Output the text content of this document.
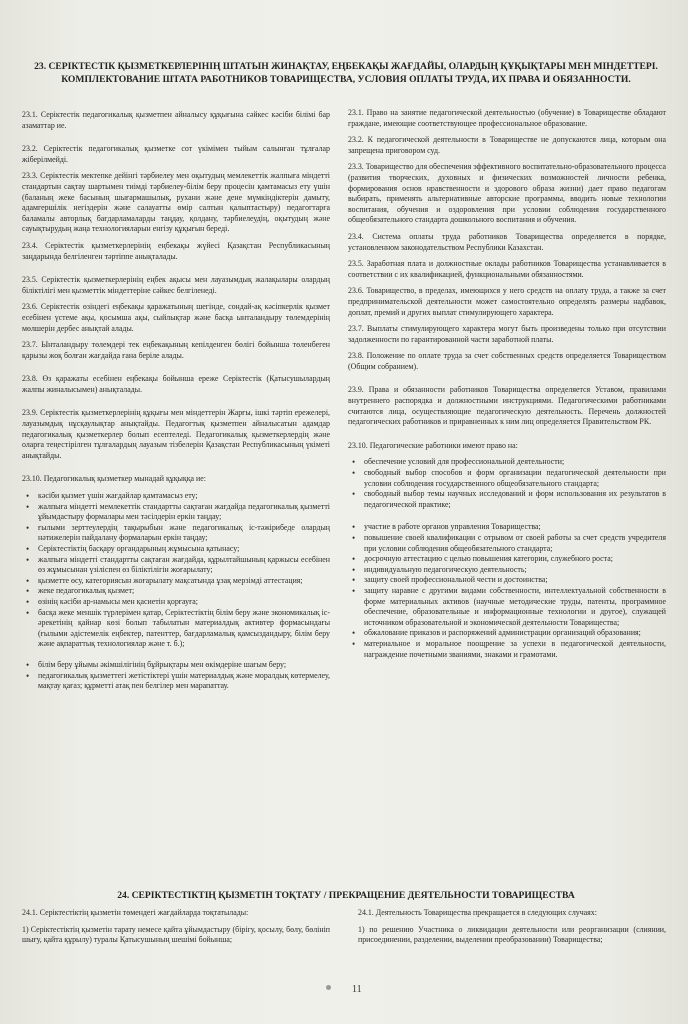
23. СЕРІКТЕСТІК ҚЫЗМЕТКЕРЛЕРІНІҢ ШТАТЫН ЖИНАҚТАУ, ЕҢБЕКАҚЫ ЖАҒДАЙЫ, ОЛАРДЫҢ ҚҰҚЫҚТАРЫ МЕН МІНДЕТТЕРІ. КОМПЛЕКТОВАНИЕ ШТАТА РАБОТНИКОВ ТОВАРИЩЕСТВА, УСЛОВИЯ ОПЛАТЫ ТРУДА, ИХ ПРАВА И ОБЯЗАННОСТИ.

23.1. Серіктестік педагогикалық қызметпен айналысу құқығына сәйкес кәсіби білімі бар азаматтар ие.

23.2. Серіктестік педагогикалық қызметке сот үкімімен тыйым салынған тұлғалар жіберілмейді.

23.3. Серіктестік мектепке дейінгі тәрбиелеу мен оқытудың мемлекеттік жалпыға міндетті стандартын сақтау шартымен тиімді тәрбиелеу-білім беру процесін қамтамасыз ету үшін (баланың жеке басының шығармашылық, рухани және дене мүмкіндіктерін дамыту, адамгершілік негіздерін және салауатты өмір салтын қалыптастыру) педагогтарға баламалы авторлық бағдарламаларды таңдау, қолдану, тәрбиелеудің, оқытудың және сауықтырудың жаңа технологияларын енгізу құқығын береді.

23.4. Серіктестік қызметкерлерінің еңбекақы жүйесі Қазақстан Республикасының заңдарында белгіленген тәртіппе анықталады.

23.5. Серіктестік қызметкерлерінің еңбек ақысы мен лауазымдық жалақылары олардың біліктілігі мен қызметтік міндеттеріне сәйкес белгіленеді.

23.6. Серіктестік өзіндегі еңбекақы қаражатының шегінде, сондай-ақ кәсіпкерлік қызмет есебінен үстеме ақы, қосымша ақы, сыйлықтар және басқа ынталандыру төлемдерінің мөлшерін дербес анықтай алады.

23.7. Ынталандыру төлемдері тек еңбекақының кепілденген бөлігі бойынша төленбеген қарызы жоқ болған жағдайда ғана беріле алады.

23.8. Өз қаражаты есебінен еңбекақы бойынша ереже Серіктестік (Қатысушылардың жалпы жиналысымен) анықталады.

23.9. Серіктестік қызметкерлерінің құқығы мен міндеттерін Жарғы, ішкі тәртіп ережелері, лауазымдық нұсқаулықтар анықтайды. Педагогтық қызметпен айналысатын адамдар педагогикалық қызметкерлер болып есептеледі. Педагогикалық қызметкерлердің және оларға теңестірілген тұлғалардың лауазым тізбелерін Қазақстан Республикасының үкіметі анықтайды.

23.10. Педагогикалық қызметкер мынадай құқыққа ие:

• кәсіби қызмет үшін жағдайлар қамтамасыз ету;
• жалпыға міндетті мемлекеттік стандартты сақтаған жағдайда педагогикалық қызметті ұйымдастыру формалары мен тәсілдерін еркін таңдау;
• ғылыми зерттеулердің тақырыбын және педагогикалық іс-тәжірибеде олардың нәтижелерін пайдалану формаларын еркін таңдау;
• Серіктестіктің басқару органдарының жұмысына қатынасу;
• жалпыға міндетті стандартты сақтаған жағдайда, құрылтайшының қаржысы есебінен өз жұмысынан үзіліспен өз біліктілігін жоғарылату;
• қызметте өсу, категориясын жоғарылату мақсатында ұзақ мерзімді аттестация;
• жеке педагогикалық қызмет;
• өзінің кәсіби ар-намысы мен қасиетін қорғауға;
• басқа жеке меншік түрлерімен қатар, Серіктестіктің білім беру және экономикалық іс-әрекетінің қайнар көзі болып табылатын материалдық активтер формасындағы (ғылыми әдістемелік еңбектер, патенттер, бағдарламалық қамсыздандыру, білім беру және ақпараттық технологиялар және т. б.);
• білім беру ұйымы әкімшілігінің бұйрықтары мен өкімдеріне шағым беру;
• педагогикалық қызметтегі жетістіктері үшін материалдық және моралдық көтермелеу, мақтау қағаз; құрметті атақ пен белгілер мен марапаттау.

23.1. Право на занятие педагогической деятельностью (обучение) в Товариществе обладают граждане, имеющие соответствующее профессиональное образование.

23.2. К педагогической деятельности в Товариществе не допускаются лица, которым она запрещена приговором суд.

23.3. Товарищество для обеспечения эффективного воспитательно-образовательного процесса (развития творческих, духовных и физических возможностей личности ребенка, формирования основ нравственности и здорового образа жизни) дает право педагогам выбирать, применять альтернативные авторские программы, вводить новые технологии воспитания, обучения и оздоровления при условии соблюдения государственного общеобязательного стандарта дошкольного воспитания и обучения.

23.4. Система оплаты труда работников Товарищества определяется в порядке, установленном законодательством Республики Казахстан.

23.5. Заработная плата и должностные оклады работников Товарищества устанавливается в соответствии с их квалификацией, функциональными обязанностями.

23.6. Товарищество, в пределах, имеющихся у него средств на оплату труда, а также за счет предпринимательской деятельности может самостоятельно определять размеры надбавок, доплат, премий и других выплат стимулирующего характера.

23.7. Выплаты стимулирующего характера могут быть произведены только при отсутствии задолженности по гарантированной части заработной платы.

23.8. Положение по оплате труда за счет собственных средств определяется Товариществом (Общим собранием).

23.9. Права и обязанности работников Товарищества определяется Уставом, правилами внутреннего распорядка и должностными инструкциями. Педагогическими работниками считаются лица, осуществляющие педагогическую деятельность. Перечень должностей педагогических работников и приравненных к ним лиц определяется Правительством РК.

23.10. Педагогические работники имеют право на:

• обеспечение условий для профессиональной деятельности;
• свободный выбор способов и форм организации педагогической деятельности при условии соблюдения государственного общеобязательного стандарта;
• свободный выбор темы научных исследований и форм использования их результатов в педагогической практике;
• участие в работе органов управления Товарищества;
• повышение своей квалификации с отрывом от своей работы за счет средств учредителя при условии соблюдения общеобязательного стандарта;
• досрочную аттестацию с целью повышения категории, служебного роста;
• индивидуальную педагогическую деятельность;
• защиту своей профессиональной чести и достоинства;
• защиту наравне с другими видами собственности, интеллектуальной собственности в форме материальных активов (научные методические труды, патенты, программное обеспечение, образовательные и информационные технологии и другое), служащей источником образовательной и экономической деятельности Товарищества;
• обжалование приказов и распоряжений администрации организаций образования;
• материальное и моральное поощрение за успехи в педагогической деятельности, награждение почетными званиями, знаками и грамотами.
24. СЕРІКТЕСТІКТІҢ ҚЫЗМЕТІН ТОҚТАТУ / ПРЕКРАЩЕНИЕ ДЕЯТЕЛЬНОСТИ ТОВАРИЩЕСТВА

24.1. Серіктестіктің қызметін төмендегі жағдайларда тоқтатылады:

1) Серіктестіктің қызметін тарату немесе қайта ұйымдастыру (бірігу, қосылу, бөлу, бөлініп шығу, қайта құрылу) туралы Қатысушының шешімі бойынша;

24.1. Деятельность Товарищества прекращается в следующих случаях:

1) по решению Участника о ликвидации деятельности или реорганизации (слиянии, присоединении, разделении, выделении преобразовании) Товарищества;

11
